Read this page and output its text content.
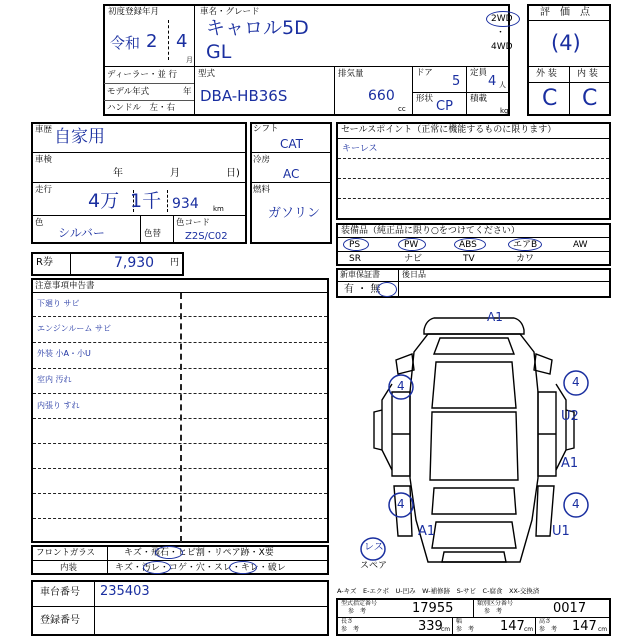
初度登録年月
令和 2 4
月
車名・グレード
キャロル5D
GL
2WD
・
4WD
ディーラー・並 行
モデル年式	年
ハンドル　左・右
型式
DBA-HB36S
排気量
660
cc
ドア
5
定員
4 人
形状 CP 積載
kg
評　価　点
(4)
外 装 内 装
C C
車歴 自家用
車検
年	月	日)
走行 4万 1千 934 km
色
シルバー	色替
色コード
Z2S/C02
シフト
CAT
冷房
AC
燃料
ガソリン
R券	7,930 円
セールスポイント（正常に機能するものに限ります）
キーレス
装備品（純正品に限り○をつけてください）
PS	PW	ABS	エアB	AW
SR	ナビ	TV	カワ
新車保証書
有 ・ 無
後日品
注意事項申告書
下廻り サビ
エンジンルーム サビ
外装 小A・小U
室内 汚れ
内張り すれ
A1
U2
A1
U1
A1
4	4
4	4
レス
スペア
フロントガラス	キズ・飛石・ヒビ割・リペア跡・X要
内装	キズ・汚レ・コゲ・穴・スレ・キレ・破レ
車台番号 235403
登録番号
A-キズ　E-エクボ　U-凹み　W-補修跡　S-サビ　C-腐食　XX-交換済
型式指定番号
参　考	17955	類別区分番号
参　考	0017
長さ
参　考	339
cm
幅
参　考 147 cm
高さ
参　考 147 cm
